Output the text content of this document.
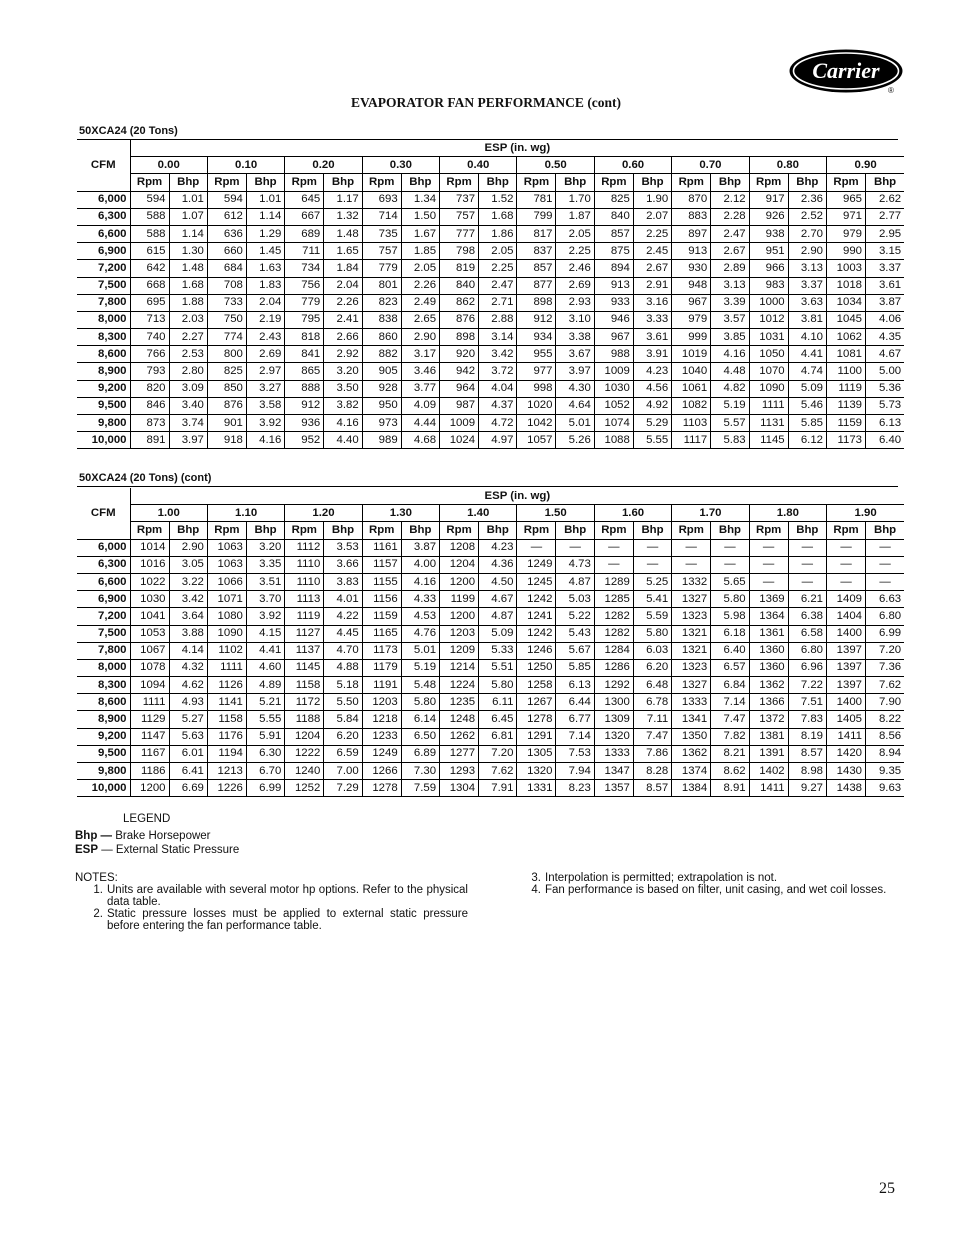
Carrier
®
EVAPORATOR FAN PERFORMANCE (cont)
50XCA24 (20 Tons)
CFM	ESP (in. wg)																			
	0.00		0.10		0.20		0.30		0.40		0.50		0.60		0.70		0.80		0.90	
	Rpm	Bhp	Rpm	Bhp	Rpm	Bhp	Rpm	Bhp	Rpm	Bhp	Rpm	Bhp	Rpm	Bhp	Rpm	Bhp	Rpm	Bhp	Rpm	Bhp
6,000	594	1.01	594	1.01	645	1.17	693	1.34	737	1.52	781	1.70	825	1.90	870	2.12	917	2.36	965	2.62
6,300	588	1.07	612	1.14	667	1.32	714	1.50	757	1.68	799	1.87	840	2.07	883	2.28	926	2.52	971	2.77
6,600	588	1.14	636	1.29	689	1.48	735	1.67	777	1.86	817	2.05	857	2.25	897	2.47	938	2.70	979	2.95
6,900	615	1.30	660	1.45	711	1.65	757	1.85	798	2.05	837	2.25	875	2.45	913	2.67	951	2.90	990	3.15
7,200	642	1.48	684	1.63	734	1.84	779	2.05	819	2.25	857	2.46	894	2.67	930	2.89	966	3.13	1003	3.37
7,500	668	1.68	708	1.83	756	2.04	801	2.26	840	2.47	877	2.69	913	2.91	948	3.13	983	3.37	1018	3.61
7,800	695	1.88	733	2.04	779	2.26	823	2.49	862	2.71	898	2.93	933	3.16	967	3.39	1000	3.63	1034	3.87
8,000	713	2.03	750	2.19	795	2.41	838	2.65	876	2.88	912	3.10	946	3.33	979	3.57	1012	3.81	1045	4.06
8,300	740	2.27	774	2.43	818	2.66	860	2.90	898	3.14	934	3.38	967	3.61	999	3.85	1031	4.10	1062	4.35
8,600	766	2.53	800	2.69	841	2.92	882	3.17	920	3.42	955	3.67	988	3.91	1019	4.16	1050	4.41	1081	4.67
8,900	793	2.80	825	2.97	865	3.20	905	3.46	942	3.72	977	3.97	1009	4.23	1040	4.48	1070	4.74	1100	5.00
9,200	820	3.09	850	3.27	888	3.50	928	3.77	964	4.04	998	4.30	1030	4.56	1061	4.82	1090	5.09	1119	5.36
9,500	846	3.40	876	3.58	912	3.82	950	4.09	987	4.37	1020	4.64	1052	4.92	1082	5.19	1111	5.46	1139	5.73
9,800	873	3.74	901	3.92	936	4.16	973	4.44	1009	4.72	1042	5.01	1074	5.29	1103	5.57	1131	5.85	1159	6.13
10,000	891	3.97	918	4.16	952	4.40	989	4.68	1024	4.97	1057	5.26	1088	5.55	1117	5.83	1145	6.12	1173	6.40
50XCA24 (20 Tons) (cont)
CFM	ESP (in. wg)																			
	1.00		1.10		1.20		1.30		1.40		1.50		1.60		1.70		1.80		1.90	
	Rpm	Bhp	Rpm	Bhp	Rpm	Bhp	Rpm	Bhp	Rpm	Bhp	Rpm	Bhp	Rpm	Bhp	Rpm	Bhp	Rpm	Bhp	Rpm	Bhp
6,000	1014	2.90	1063	3.20	1112	3.53	1161	3.87	1208	4.23	—	—	—	—	—	—	—	—	—	—
6,300	1016	3.05	1063	3.35	1110	3.66	1157	4.00	1204	4.36	1249	4.73	—	—	—	—	—	—	—	—
6,600	1022	3.22	1066	3.51	1110	3.83	1155	4.16	1200	4.50	1245	4.87	1289	5.25	1332	5.65	—	—	—	—
6,900	1030	3.42	1071	3.70	1113	4.01	1156	4.33	1199	4.67	1242	5.03	1285	5.41	1327	5.80	1369	6.21	1409	6.63
7,200	1041	3.64	1080	3.92	1119	4.22	1159	4.53	1200	4.87	1241	5.22	1282	5.59	1323	5.98	1364	6.38	1404	6.80
7,500	1053	3.88	1090	4.15	1127	4.45	1165	4.76	1203	5.09	1242	5.43	1282	5.80	1321	6.18	1361	6.58	1400	6.99
7,800	1067	4.14	1102	4.41	1137	4.70	1173	5.01	1209	5.33	1246	5.67	1284	6.03	1321	6.40	1360	6.80	1397	7.20
8,000	1078	4.32	1111	4.60	1145	4.88	1179	5.19	1214	5.51	1250	5.85	1286	6.20	1323	6.57	1360	6.96	1397	7.36
8,300	1094	4.62	1126	4.89	1158	5.18	1191	5.48	1224	5.80	1258	6.13	1292	6.48	1327	6.84	1362	7.22	1397	7.62
8,600	1111	4.93	1141	5.21	1172	5.50	1203	5.80	1235	6.11	1267	6.44	1300	6.78	1333	7.14	1366	7.51	1400	7.90
8,900	1129	5.27	1158	5.55	1188	5.84	1218	6.14	1248	6.45	1278	6.77	1309	7.11	1341	7.47	1372	7.83	1405	8.22
9,200	1147	5.63	1176	5.91	1204	6.20	1233	6.50	1262	6.81	1291	7.14	1320	7.47	1350	7.82	1381	8.19	1411	8.56
9,500	1167	6.01	1194	6.30	1222	6.59	1249	6.89	1277	7.20	1305	7.53	1333	7.86	1362	8.21	1391	8.57	1420	8.94
9,800	1186	6.41	1213	6.70	1240	7.00	1266	7.30	1293	7.62	1320	7.94	1347	8.28	1374	8.62	1402	8.98	1430	9.35
10,000	1200	6.69	1226	6.99	1252	7.29	1278	7.59	1304	7.91	1331	8.23	1357	8.57	1384	8.91	1411	9.27	1438	9.63
LEGEND
Bhp — Brake Horsepower
ESP — External Static Pressure
NOTES:
1. Units are available with several motor hp options. Refer to the physical data table.
2. Static pressure losses must be applied to external static pressure before entering the fan performance table.
3. Interpolation is permitted; extrapolation is not.
4. Fan performance is based on filter, unit casing, and wet coil losses.
25
